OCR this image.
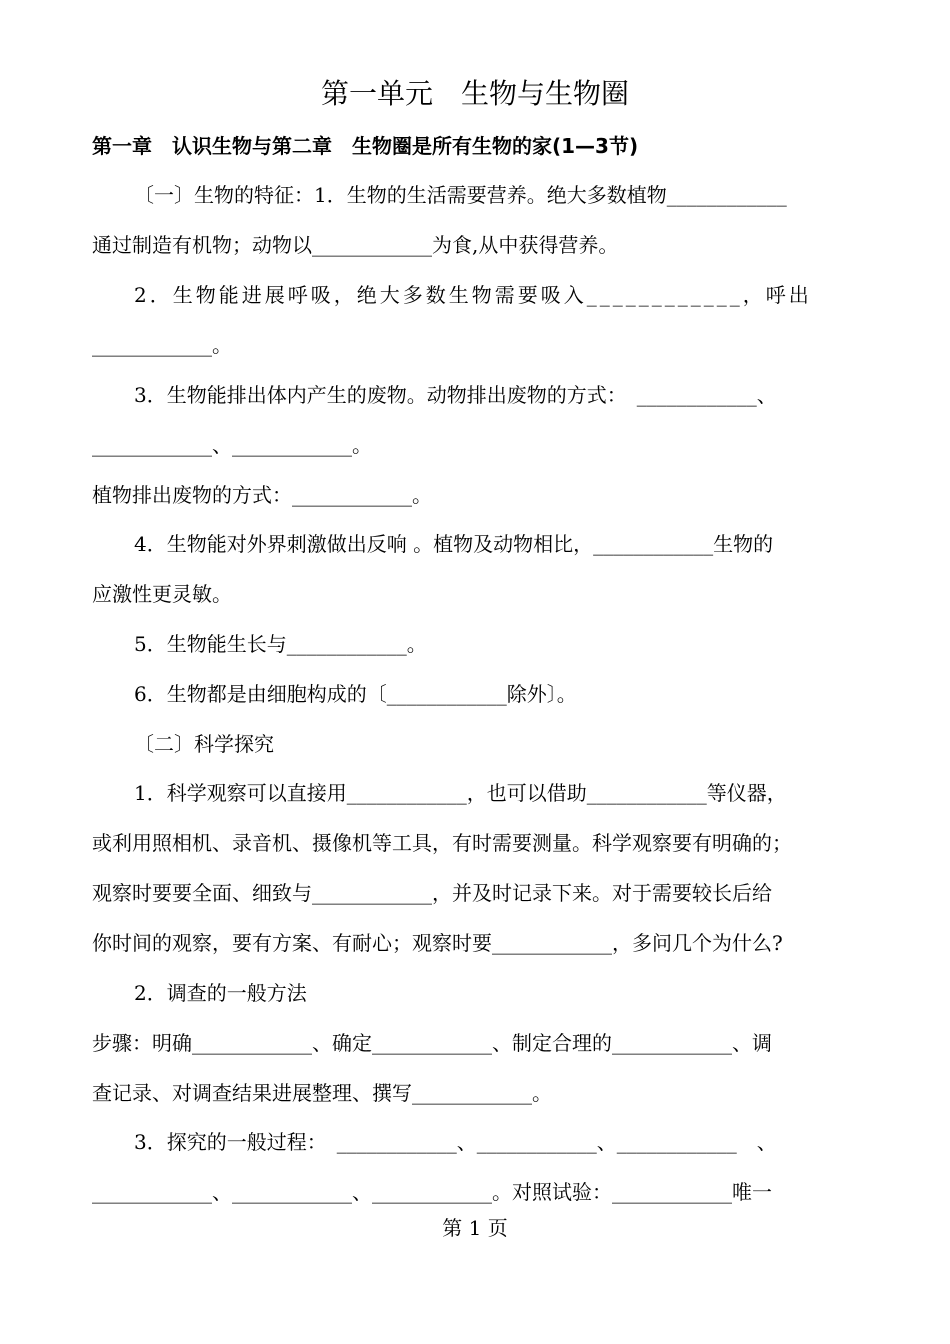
第一单元　生物与生物圈
第一章　认识生物与第二章　生物圈是所有生物的家(1—3节)
〔一〕生物的特征：1．生物的生活需要营养。绝大多数植物____________
通过制造有机物；动物以____________为食,从中获得营养。
2．生物能进展呼吸，绝大多数生物需要吸入____________，呼出
____________。
3．生物能排出体内产生的废物。动物排出废物的方式：　____________、
____________、____________。
植物排出废物的方式：____________。
4．生物能对外界刺激做出反响 。植物及动物相比，____________生物的
应激性更灵敏。
5．生物能生长与____________。
6．生物都是由细胞构成的〔____________除外〕。
〔二〕科学探究
1．科学观察可以直接用____________，也可以借助____________等仪器，
或利用照相机、录音机、摄像机等工具，有时需要测量。科学观察要有明确的；
观察时要要全面、细致与____________，并及时记录下来。对于需要较长后给
你时间的观察，要有方案、有耐心；观察时要____________，多问几个为什么?
2．调查的一般方法
步骤：明确____________、确定____________、制定合理的____________、调
查记录、对调查结果进展整理、撰写____________。
3．探究的一般过程：　____________、____________、____________　、
____________、____________、____________。对照试验：____________唯一
第 1 页
